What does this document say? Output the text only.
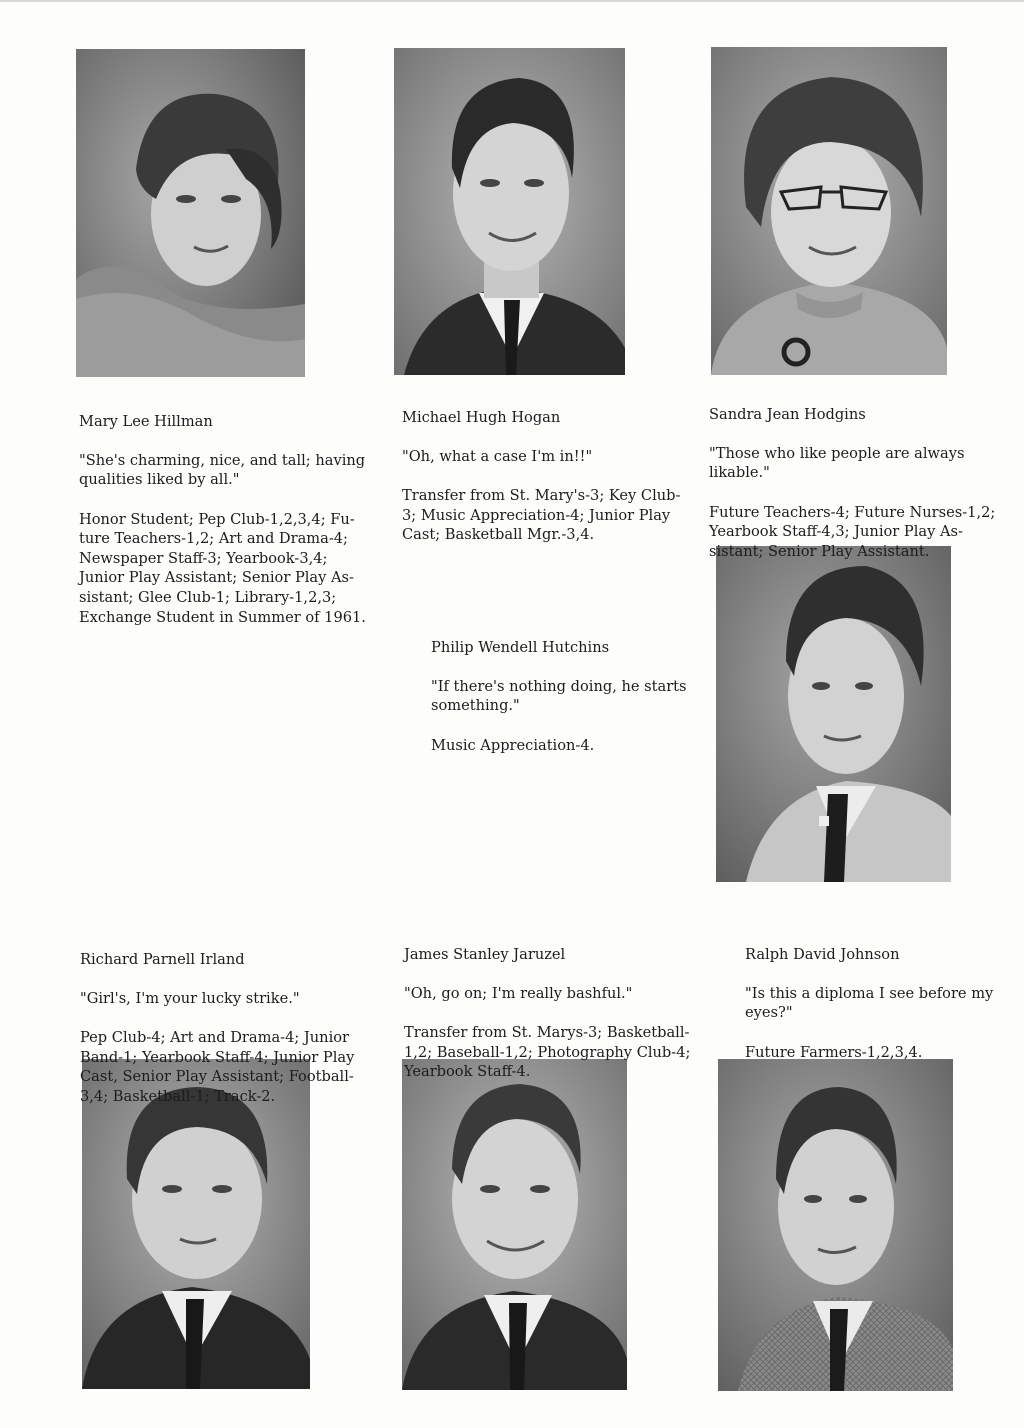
Mary Lee Hillman

"She's charming, nice, and tall; having
qualities liked by all."

Honor Student; Pep Club-1,2,3,4; Fu-
ture Teachers-1,2; Art and Drama-4;
Newspaper Staff-3; Yearbook-3,4;
Junior Play Assistant; Senior Play As-
sistant; Glee Club-1; Library-1,2,3;
Exchange Student in Summer of 1961.

Michael Hugh Hogan

"Oh, what a case I'm in!!"

Transfer from St. Mary's-3; Key Club-
3; Music Appreciation-4; Junior Play
Cast; Basketball Mgr.-3,4.

Sandra Jean Hodgins

"Those who like people are always
likable."

Future Teachers-4; Future Nurses-1,2;
Yearbook Staff-4,3; Junior Play As-
sistant; Senior Play Assistant.

Philip Wendell Hutchins

"If there's nothing doing, he starts
something."

Music Appreciation-4.

Richard Parnell Irland

"Girl's, I'm your lucky strike."

Pep Club-4; Art and Drama-4; Junior
Band-1; Yearbook Staff-4; Junior Play
Cast, Senior Play Assistant; Football-
3,4; Basketball-1; Track-2.

James Stanley Jaruzel

"Oh, go on; I'm really bashful."

Transfer from St. Marys-3; Basketball-
1,2; Baseball-1,2; Photography Club-4;
Yearbook Staff-4.

Ralph David Johnson

"Is this a diploma I see before my
eyes?"

Future Farmers-1,2,3,4.
